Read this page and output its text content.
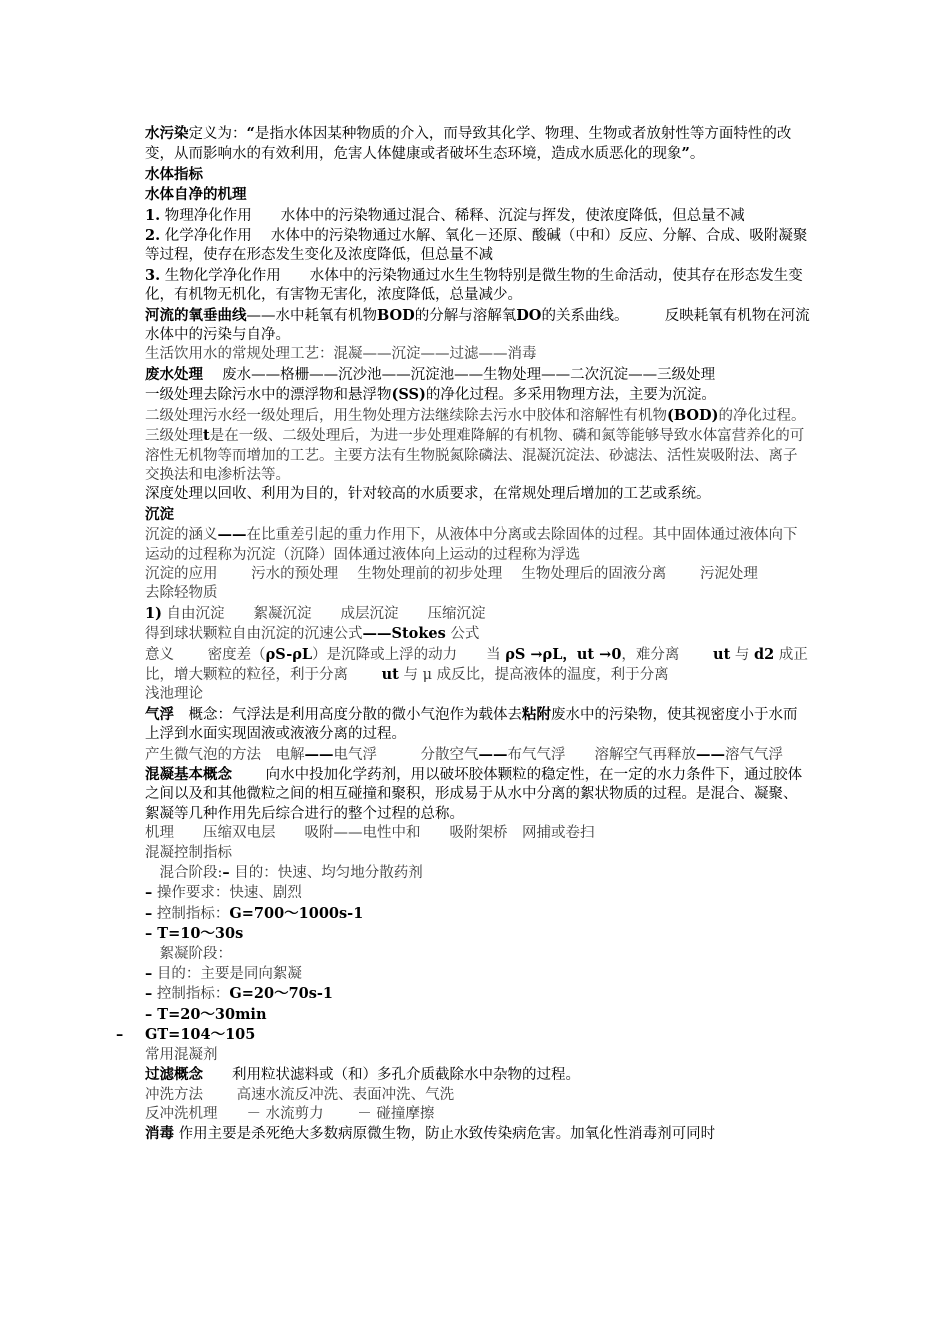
水污染定义为：“是指水体因某种物质的介入，而导致其化学、物理、生物或者放射性等方面特性的改变，从而影响水的有效利用，危害人体健康或者破坏生态环境，造成水质恶化的现象”。

水体指标

水体自净的机理

1. 物理净化作用　　水体中的污染物通过混合、稀释、沉淀与挥发，使浓度降低，但总量不减

2. 化学净化作用　 水体中的污染物通过水解、氧化－还原、酸碱（中和）反应、分解、合成、吸附凝聚等过程，使存在形态发生变化及浓度降低，但总量不减

3. 生物化学净化作用　　水体中的污染物通过水生生物特别是微生物的生命活动，使其存在形态发生变化，有机物无机化，有害物无害化，浓度降低，总量减少。

河流的氧垂曲线——水中耗氧有机物BOD的分解与溶解氧DO的关系曲线。　　　反映耗氧有机物在河流水体中的污染与自净。

生活饮用水的常规处理工艺：混凝——沉淀——过滤——消毒

废水处理　 废水——格栅——沉沙池——沉淀池——生物处理——二次沉淀——三级处理

一级处理去除污水中的漂浮物和悬浮物(SS)的净化过程。多采用物理方法，主要为沉淀。

二级处理污水经一级处理后，用生物处理方法继续除去污水中胶体和溶解性有机物(BOD)的净化过程。

三级处理t是在一级、二级处理后，为进一步处理难降解的有机物、磷和氮等能够导致水体富营养化的可溶性无机物等而增加的工艺。主要方法有生物脱氮除磷法、混凝沉淀法、砂滤法、活性炭吸附法、离子交换法和电渗析法等。

深度处理以回收、利用为目的，针对较高的水质要求，在常规处理后增加的工艺或系统。

沉淀

沉淀的涵义——在比重差引起的重力作用下，从液体中分离或去除固体的过程。其中固体通过液体向下运动的过程称为沉淀（沉降）固体通过液体向上运动的过程称为浮选

沉淀的应用　　 污水的预处理　 生物处理前的初步处理　 生物处理后的固液分离　　 污泥处理　　　去除轻物质

1) 自由沉淀　　絮凝沉淀　　成层沉淀　　压缩沉淀

得到球状颗粒自由沉淀的沉速公式——Stokes 公式

意义　　 密度差（ρS-ρL）是沉降或上浮的动力　　当 ρS →ρL，ut →0，难分离　　 ut 与 d2 成正比，增大颗粒的粒径，利于分离　　 ut 与 μ 成反比，提高液体的温度，利于分离

浅池理论

气浮　概念：气浮法是利用高度分散的微小气泡作为载体去粘附废水中的污染物，使其视密度小于水而上浮到水面实现固液或液液分离的过程。

产生微气泡的方法　电解——电气浮　　　分散空气——布气气浮　　溶解空气再释放——溶气气浮

混凝基本概念　　 向水中投加化学药剂，用以破坏胶体颗粒的稳定性，在一定的水力条件下，通过胶体之间以及和其他微粒之间的相互碰撞和聚积，形成易于从水中分离的絮状物质的过程。是混合、凝聚、絮凝等几种作用先后综合进行的整个过程的总称。

机理　　压缩双电层　　吸附——电性中和　　吸附架桥　网捕或卷扫

混凝控制指标

　混合阶段:– 目的：快速、均匀地分散药剂

– 操作要求：快速、剧烈

– 控制指标：G=700～1000s-1

– T=10～30s

　絮凝阶段：

– 目的：主要是同向絮凝

– 控制指标：G=20～70s-1

– T=20～30min

– GT=104～105

常用混凝剂

过滤概念　　利用粒状滤料或（和）多孔介质截除水中杂物的过程。

冲洗方法　　 高速水流反冲洗、表面冲洗、气洗

反冲洗机理　　－ 水流剪力　　 － 碰撞摩擦

消毒 作用主要是杀死绝大多数病原微生物，防止水致传染病危害。加氧化性消毒剂可同时
